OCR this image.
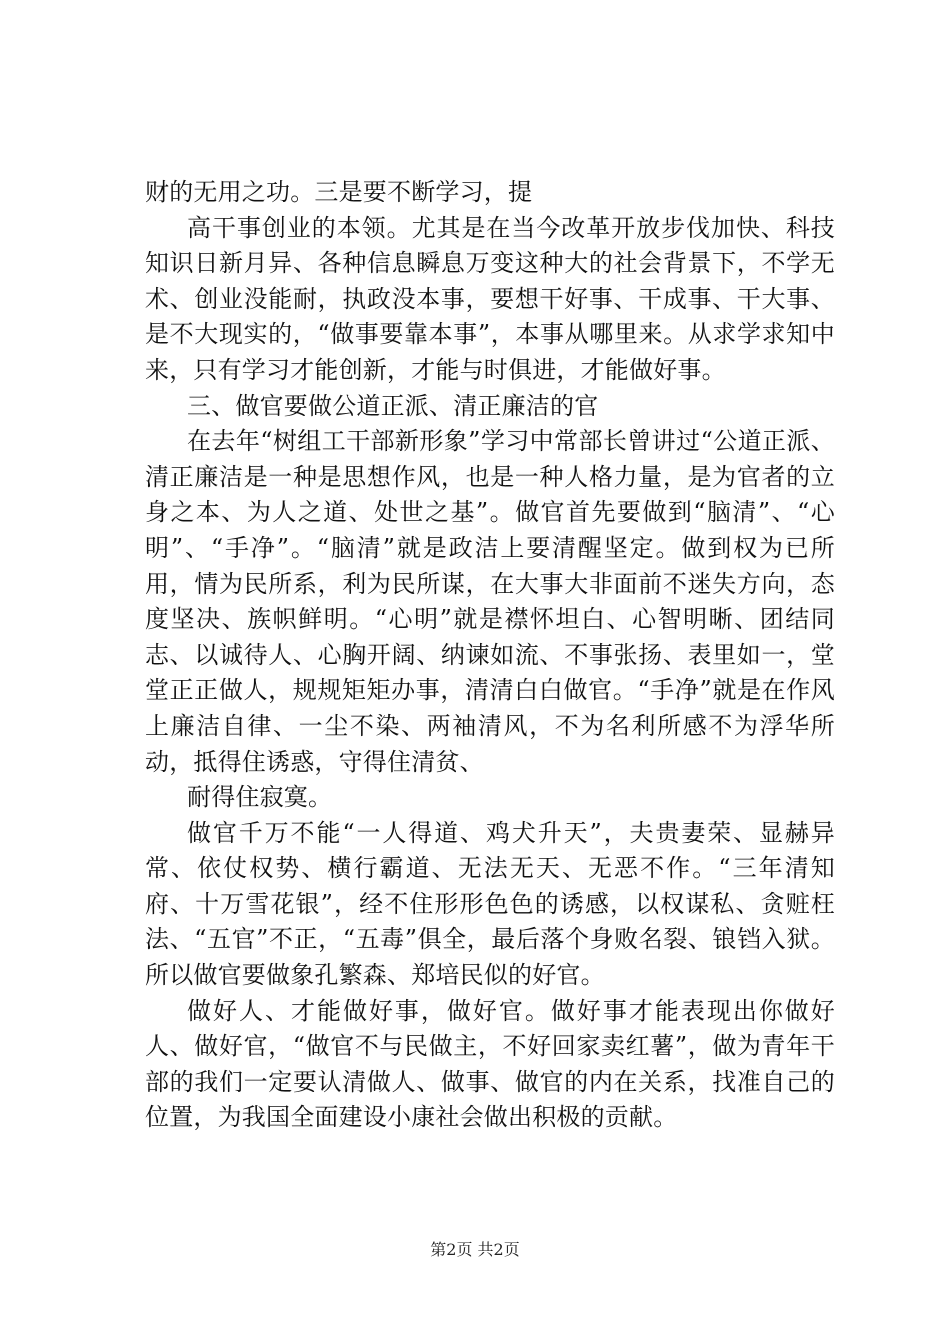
财的无用之功。三是要不断学习，提

高干事创业的本领。尤其是在当今改革开放步伐加快、科技知识日新月异、各种信息瞬息万变这种大的社会背景下，不学无术、创业没能耐，执政没本事，要想干好事、干成事、干大事、是不大现实的，“做事要靠本事”，本事从哪里来。从求学求知中来，只有学习才能创新，才能与时俱进，才能做好事。

三、做官要做公道正派、清正廉洁的官

在去年“树组工干部新形象”学习中常部长曾讲过“公道正派、清正廉洁是一种是思想作风，也是一种人格力量，是为官者的立身之本、为人之道、处世之基”。做官首先要做到“脑清”、“心明”、“手净”。“脑清”就是政洁上要清醒坚定。做到权为已所用，情为民所系，利为民所谋，在大事大非面前不迷失方向，态度坚决、族帜鲜明。“心明”就是襟怀坦白、心智明晰、团结同志、以诚待人、心胸开阔、纳谏如流、不事张扬、表里如一，堂堂正正做人，规规矩矩办事，清清白白做官。“手净”就是在作风上廉洁自律、一尘不染、两袖清风，不为名利所感不为浮华所动，抵得住诱惑，守得住清贫、

耐得住寂寞。

做官千万不能“一人得道、鸡犬升天”，夫贵妻荣、显赫异常、依仗权势、横行霸道、无法无天、无恶不作。“三年清知府、十万雪花银”，经不住形形色色的诱感，以权谋私、贪赃枉法、“五官”不正，“五毒”俱全，最后落个身败名裂、锒铛入狱。所以做官要做象孔繁森、郑培民似的好官。

做好人、才能做好事，做好官。做好事才能表现出你做好人、做好官，“做官不与民做主，不好回家卖红薯”，做为青年干部的我们一定要认清做人、做事、做官的内在关系，找准自己的位置，为我国全面建设小康社会做出积极的贡献。

第2页 共2页
